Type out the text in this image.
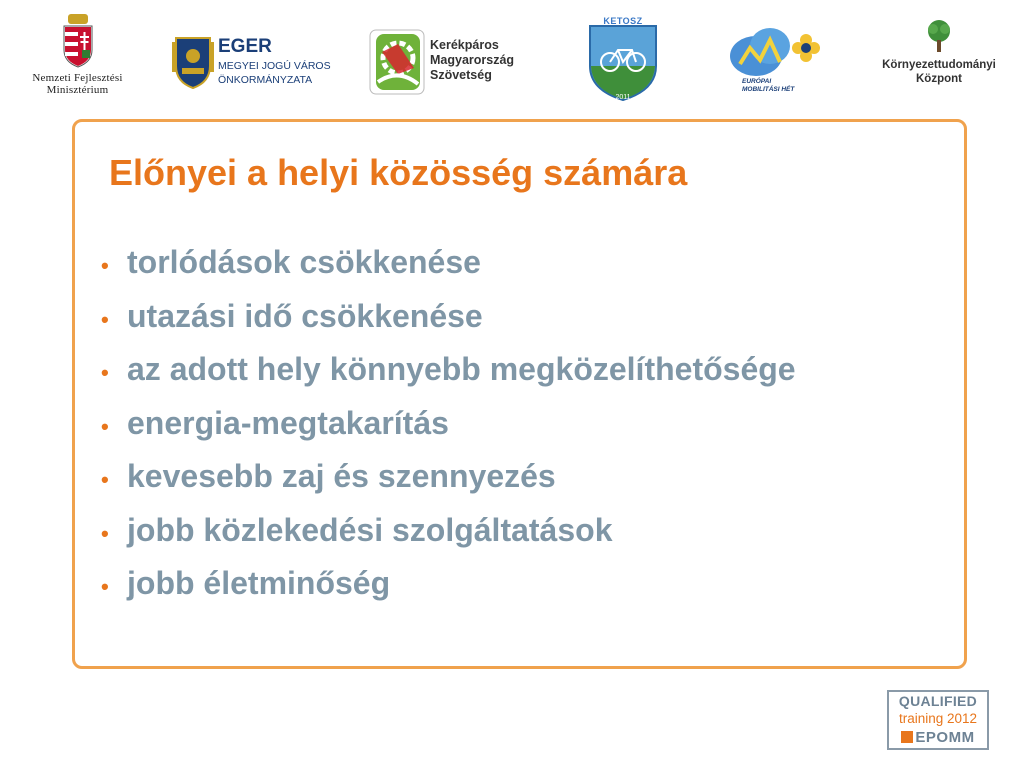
Nemzeti Fejlesztési
Minisztérium
EGER
MEGYEI JOGÚ VÁROS
ÖNKORMÁNYZATA
Kerékpáros
Magyarország
Szövetség
KETOSZ
2011
EURÓPAI
MOBILITÁSI HÉT
Környezettudományi
Központ
Előnyei a helyi közösség számára
• torlódások csökkenése
• utazási idő csökkenése
• az adott hely könnyebb megközelíthetősége
• energia-megtakarítás
• kevesebb zaj és szennyezés
• jobb közlekedési szolgáltatások
• jobb életminőség
QUALIFIED
training 2012
EPOMM
